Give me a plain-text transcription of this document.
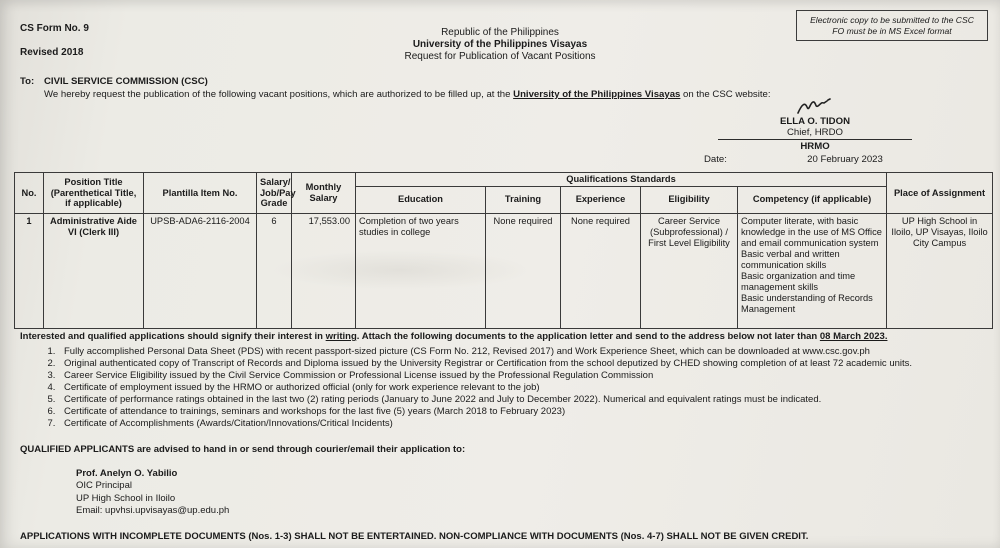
CS Form No. 9

Revised 2018

Republic of the Philippines
University of the Philippines Visayas
Request for Publication of Vacant Positions
Electronic copy to be submitted to the CSC FO must be in MS Excel format
To:	CIVIL SERVICE COMMISSION (CSC)
We hereby request the publication of the following vacant positions, which are authorized to be filled up, at the University of the Philippines Visayas on the CSC website:
ELLA O. TIDON
Chief, HRDO
HRMO
Date:	20 February 2023
No.	Position Title (Parenthetical Title, if applicable)	Plantilla Item No.	Salary/ Job/Pay Grade	Monthly Salary	Qualifications Standards					Place of Assignment
					Education	Training	Experience	Eligibility	Competency (if applicable)	
1	Administrative Aide VI (Clerk III)	UPSB-ADA6-2116-2004	6	17,553.00	Completion of two years studies in college	None required	None required	Career Service (Subprofessional) / First Level Eligibility	Computer literate, with basic knowledge in the use of MS Office and email communication system

Basic verbal and written communication skills

Basic organization and time management skills

Basic understanding of Records Management	UP High School in Iloilo, UP Visayas, Iloilo City Campus
Interested and qualified applications should signify their interest in writing. Attach the following documents to the application letter and send to the address below not later than 08 March 2023.
1. Fully accomplished Personal Data Sheet (PDS) with recent passport-sized picture (CS Form No. 212, Revised 2017) and Work Experience Sheet, which can be downloaded at www.csc.gov.ph
2. Original authenticated copy of Transcript of Records and Diploma issued by the University Registrar or Certification from the school deputized by CHED showing completion of at least 72 academic units.
3. Career Service Eligibility issued by the Civil Service Commission or Professional License issued by the Professional Regulation Commission
4. Certificate of employment issued by the HRMO or authorized official (only for work experience relevant to the job)
5. Certificate of performance ratings obtained in the last two (2) rating periods (January to June 2022 and July to December 2022). Numerical and equivalent ratings must be indicated.
6. Certificate of attendance to trainings, seminars and workshops for the last five (5) years (March 2018 to February 2023)
7. Certificate of Accomplishments (Awards/Citation/Innovations/Critical Incidents)
QUALIFIED APPLICANTS are advised to hand in or send through courier/email their application to:
Prof. Anelyn O. Yabilio
OIC Principal
UP High School in Iloilo
Email: upvhsi.upvisayas@up.edu.ph
APPLICATIONS WITH INCOMPLETE DOCUMENTS (Nos. 1-3) SHALL NOT BE ENTERTAINED. NON-COMPLIANCE WITH DOCUMENTS (Nos. 4-7) SHALL NOT BE GIVEN CREDIT.
